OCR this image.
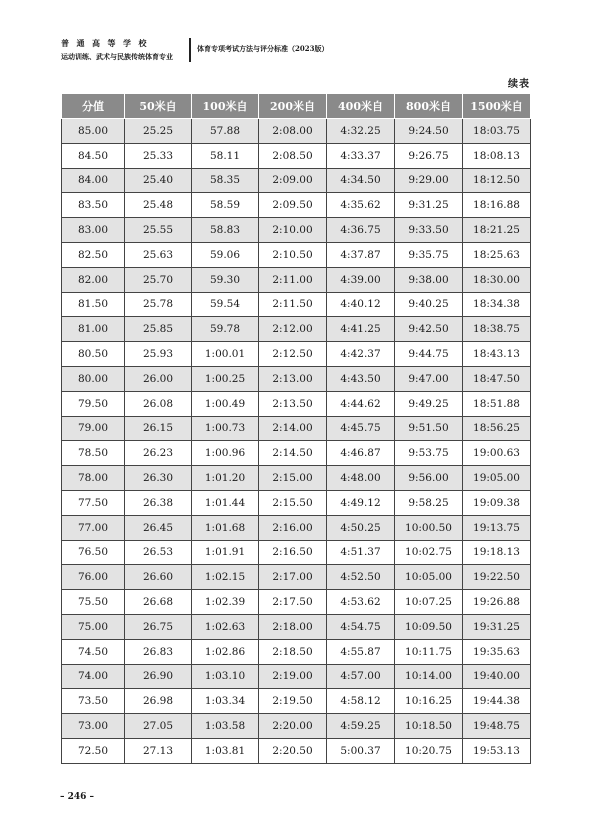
普通高等学校
运动训练、武术与民族传统体育专业
体育专项考试方法与评分标准（2023版）
续表
分值	50米自	100米自	200米自	400米自	800米自	1500米自
85.00	25.25	57.88	2:08.00	4:32.25	9:24.50	18:03.75
84.50	25.33	58.11	2:08.50	4:33.37	9:26.75	18:08.13
84.00	25.40	58.35	2:09.00	4:34.50	9:29.00	18:12.50
83.50	25.48	58.59	2:09.50	4:35.62	9:31.25	18:16.88
83.00	25.55	58.83	2:10.00	4:36.75	9:33.50	18:21.25
82.50	25.63	59.06	2:10.50	4:37.87	9:35.75	18:25.63
82.00	25.70	59.30	2:11.00	4:39.00	9:38.00	18:30.00
81.50	25.78	59.54	2:11.50	4:40.12	9:40.25	18:34.38
81.00	25.85	59.78	2:12.00	4:41.25	9:42.50	18:38.75
80.50	25.93	1:00.01	2:12.50	4:42.37	9:44.75	18:43.13
80.00	26.00	1:00.25	2:13.00	4:43.50	9:47.00	18:47.50
79.50	26.08	1:00.49	2:13.50	4:44.62	9:49.25	18:51.88
79.00	26.15	1:00.73	2:14.00	4:45.75	9:51.50	18:56.25
78.50	26.23	1:00.96	2:14.50	4:46.87	9:53.75	19:00.63
78.00	26.30	1:01.20	2:15.00	4:48.00	9:56.00	19:05.00
77.50	26.38	1:01.44	2:15.50	4:49.12	9:58.25	19:09.38
77.00	26.45	1:01.68	2:16.00	4:50.25	10:00.50	19:13.75
76.50	26.53	1:01.91	2:16.50	4:51.37	10:02.75	19:18.13
76.00	26.60	1:02.15	2:17.00	4:52.50	10:05.00	19:22.50
75.50	26.68	1:02.39	2:17.50	4:53.62	10:07.25	19:26.88
75.00	26.75	1:02.63	2:18.00	4:54.75	10:09.50	19:31.25
74.50	26.83	1:02.86	2:18.50	4:55.87	10:11.75	19:35.63
74.00	26.90	1:03.10	2:19.00	4:57.00	10:14.00	19:40.00
73.50	26.98	1:03.34	2:19.50	4:58.12	10:16.25	19:44.38
73.00	27.05	1:03.58	2:20.00	4:59.25	10:18.50	19:48.75
72.50	27.13	1:03.81	2:20.50	5:00.37	10:20.75	19:53.13
– 246 –
